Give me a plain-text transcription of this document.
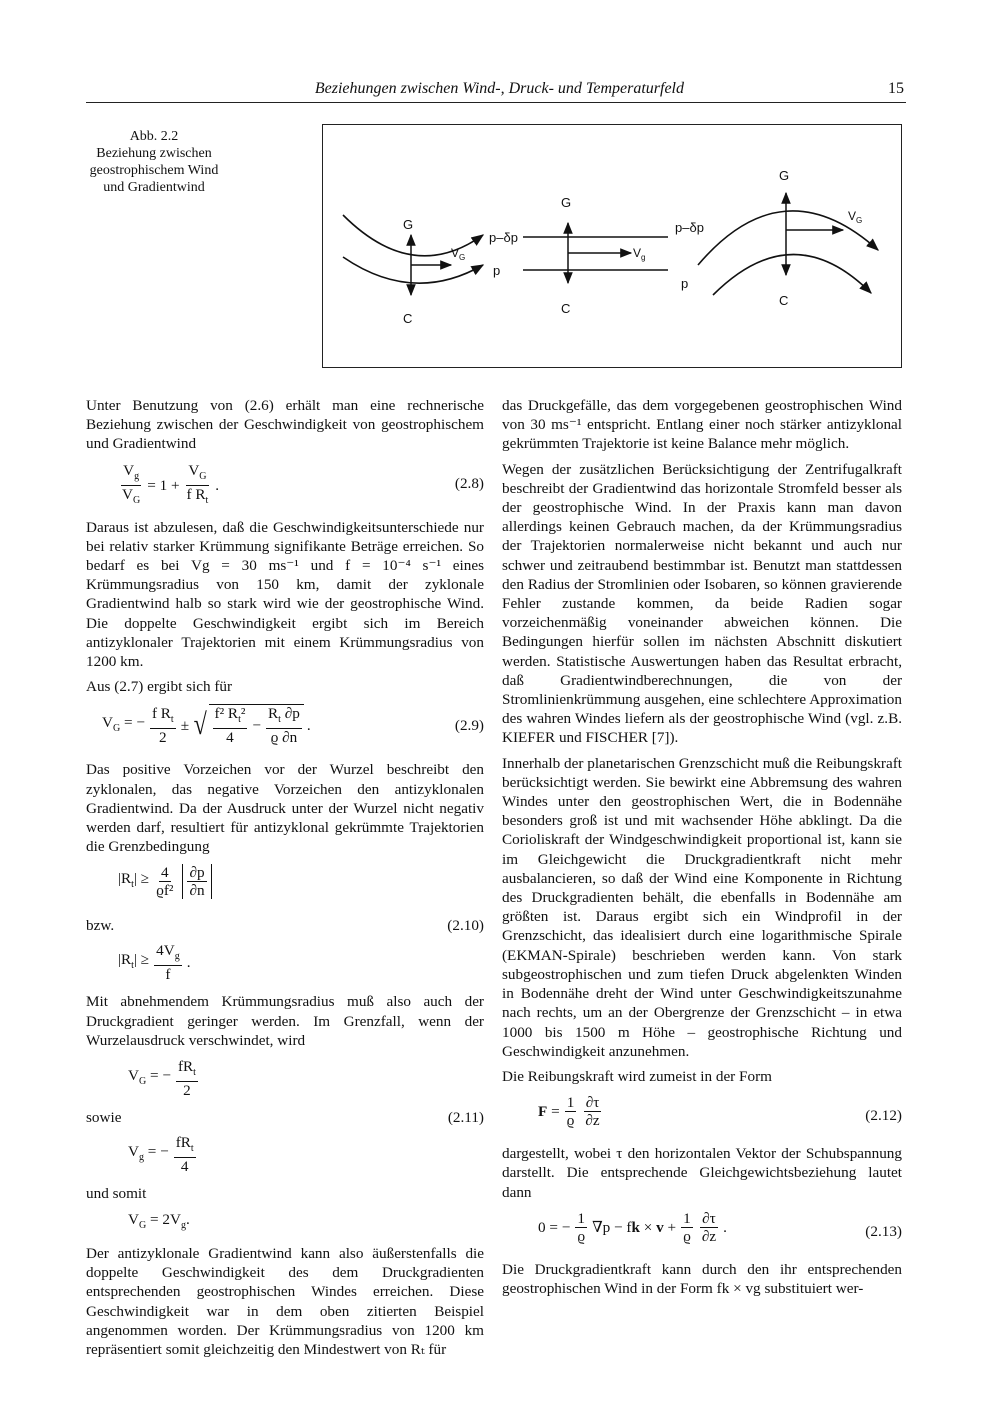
Beziehungen zwischen Wind-, Druck- und Temperaturfeld	15
Abb. 2.2
Beziehung zwischen
geostrophischem Wind
und Gradientwind
G
C
V G
p–δp
p
G
C
V g
p–δp
p
G
C
V G

Unter Benutzung von (2.6) erhält man eine rechnerische Beziehung zwischen der Geschwindigkeit von geostrophischem und Gradientwind

$\frac{V_g}{V_G} = 1 + \frac{V_G}{f R_t}$ .	(2.8)

Daraus ist abzulesen, daß die Geschwindigkeitsunterschiede nur bei relativ starker Krümmung signifikante Beträge erreichen. So bedarf es bei Vg = 30 ms⁻¹ und f = 10⁻⁴ s⁻¹ eines Krümmungsradius von 150 km, damit der zyklonale Gradientwind halb so stark wird wie der geostrophische Wind. Die doppelte Geschwindigkeit ergibt sich im Bereich antizyklonaler Trajektorien mit einem Krümmungsradius von 1200 km.

Aus (2.7) ergibt sich für

$V_G$ = − $\frac{f R_t}{2}$ ± √ $\frac{f^2 R_t^2}{4} - \frac{R_t \partial p}{ϱ \partial n}$ .	(2.9)

Das positive Vorzeichen vor der Wurzel beschreibt den zyklonalen, das negative Vorzeichen den antizyklonalen Gradientwind. Da der Ausdruck unter der Wurzel nicht negativ werden darf, resultiert für antizyklonal gekrümmte Trajektorien die Grenzbedingung

$|R_t| \ge \frac{4}{\text{ϱf²}} \frac{\partial p}{\partial n}$
bzw.	(2.10)
$|R_t| \ge \frac{4V_g}{f}$ .

Mit abnehmendem Krümmungsradius muß also auch der Druckgradient geringer werden. Im Grenzfall, wenn der Wurzelausdruck verschwindet, wird

$V_G$ = − $\frac{fR_t}{2}$
sowie	(2.11)
$V_g$ = − $\frac{fR_t}{4}$
und somit
$V_G = 2V_g$.

Der antizyklonale Gradientwind kann also äußerstenfalls die doppelte Geschwindigkeit des dem Druckgradienten entsprechenden geostrophischen Windes erreichen. Diese Geschwindigkeit war in dem oben zitierten Beispiel angenommen worden. Der Krümmungsradius von 1200 km repräsentiert somit gleichzeitig den Mindestwert von Rₜ für

das Druckgefälle, das dem vorgegebenen geostrophischen Wind von 30 ms⁻¹ entspricht. Entlang einer noch stärker antizyklonal gekrümmten Trajektorie ist keine Balance mehr möglich.

Wegen der zusätzlichen Berücksichtigung der Zentrifugalkraft beschreibt der Gradientwind das horizontale Stromfeld besser als der geostrophische Wind. In der Praxis kann man davon allerdings keinen Gebrauch machen, da der Krümmungsradius der Trajektorien normalerweise nicht bekannt und auch nur schwer und zeitraubend bestimmbar ist. Benutzt man stattdessen den Radius der Stromlinien oder Isobaren, so können gravierende Fehler zustande kommen, da beide Radien sogar vorzeichenmäßig voneinander abweichen können. Die Bedingungen hierfür sollen im nächsten Abschnitt diskutiert werden. Statistische Auswertungen haben das Resultat erbracht, daß Gradientwindberechnungen, die von der Stromlinienkrümmung ausgehen, eine schlechtere Approximation des wahren Windes liefern als der geostrophische Wind (vgl. z.B. KIEFER und FISCHER [7]).

Innerhalb der planetarischen Grenzschicht muß die Reibungskraft berücksichtigt werden. Sie bewirkt eine Abbremsung des wahren Windes unter den geostrophischen Wert, die in Bodennähe besonders groß ist und mit wachsender Höhe abklingt. Da die Corioliskraft der Windgeschwindigkeit proportional ist, kann sie im Gleichgewicht die Druckgradientkraft nicht mehr ausbalancieren, so daß der Wind eine Komponente in Richtung des Druckgradienten behält, die ebenfalls in Bodennähe am größten ist. Daraus ergibt sich ein Windprofil in der Grenzschicht, das idealisiert durch eine logarithmische Spirale (EKMAN-Spirale) beschrieben werden kann. Von stark subgeostrophischen und zum tiefen Druck abgelenkten Winden in Bodennähe dreht der Wind unter Geschwindigkeitszunahme nach rechts, um an der Obergrenze der Grenzschicht – in etwa 1000 bis 1500 m Höhe – geostrophische Richtung und Geschwindigkeit anzunehmen.

Die Reibungskraft wird zumeist in der Form

$F = \frac{1}{ϱ} \frac{\partial\tau}{\partial z}$	(2.12)

dargestellt, wobei τ den horizontalen Vektor der Schubspannung darstellt. Die entsprechende Gleichgewichtsbeziehung lautet dann

0 = − $\frac{1}{ϱ} \nabla p$ − fk × $v + \frac{1}{ϱ} \frac{\partial\tau}{\partial z}$ .	(2.13)

Die Druckgradientkraft kann durch den ihr entsprechenden geostrophischen Wind in der Form fk × vg substituiert wer-
